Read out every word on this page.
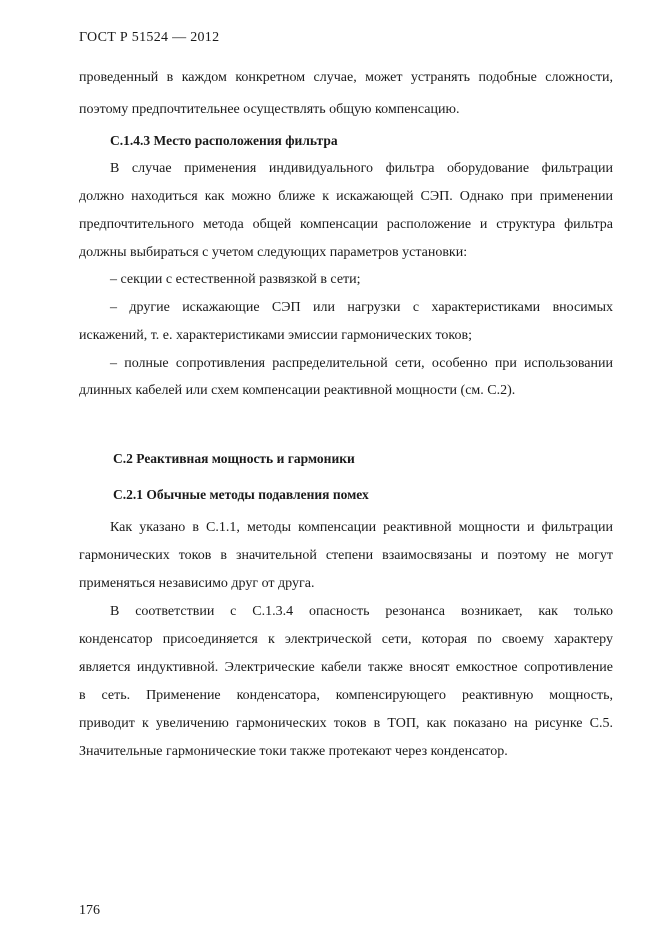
ГОСТ Р 51524 — 2012
проведенный в каждом конкретном случае, может устранять подобные сложности,
поэтому предпочтительнее осуществлять общую компенсацию.
С.1.4.3 Место расположения фильтра
В случае применения индивидуального фильтра оборудование фильтрации
должно находиться как можно ближе к искажающей СЭП. Однако при применении
предпочтительного метода общей компенсации расположение и структура фильтра
должны выбираться с учетом следующих параметров установки:
– секции с естественной развязкой в сети;
– другие искажающие СЭП или нагрузки с характеристиками вносимых
искажений, т. е. характеристиками эмиссии гармонических токов;
– полные сопротивления распределительной сети, особенно при использовании
длинных кабелей или схем компенсации реактивной мощности (см. С.2).
С.2 Реактивная мощность и гармоники
С.2.1 Обычные методы подавления помех
Как указано в С.1.1, методы компенсации реактивной мощности и фильтрации
гармонических токов в значительной степени взаимосвязаны и поэтому не могут
применяться независимо друг от друга.
В соответствии с С.1.3.4 опасность резонанса возникает, как только
конденсатор присоединяется к электрической сети, которая по своему характеру
является индуктивной. Электрические кабели также вносят емкостное сопротивление
в сеть. Применение конденсатора, компенсирующего реактивную мощность,
приводит к увеличению гармонических токов в ТОП, как показано на рисунке С.5.
Значительные гармонические токи также протекают через конденсатор.
176
